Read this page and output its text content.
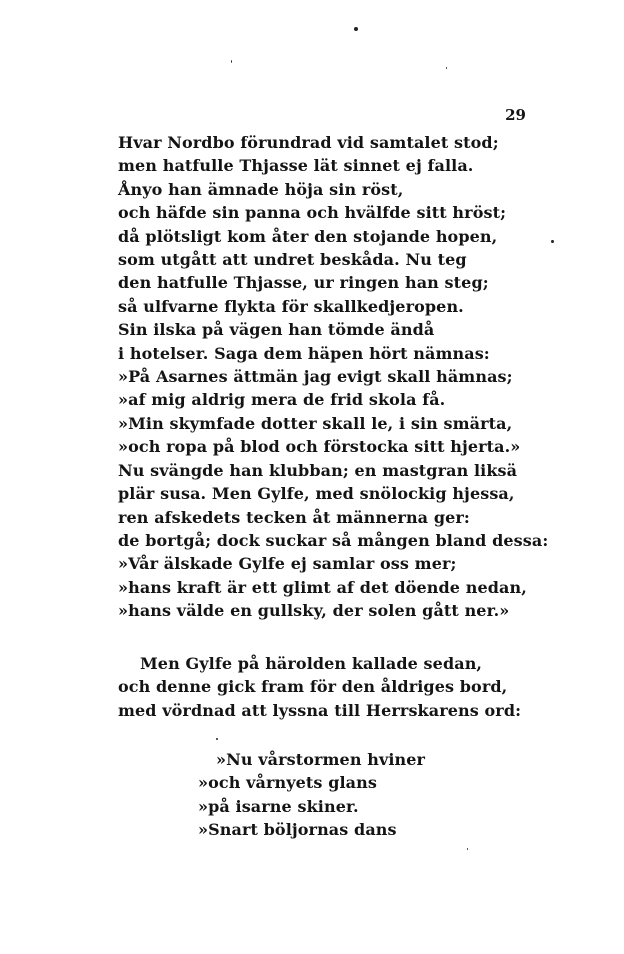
29
Hvar Nordbo förundrad vid samtalet stod;
men hatfulle Thjasse lät sinnet ej falla.
Ånyo han ämnade höja sin röst,
och häfde sin panna och hvälfde sitt hröst;
då plötsligt kom åter den stojande hopen,
som utgått att undret beskåda. Nu teg
den hatfulle Thjasse, ur ringen han steg;
så ulfvarne flykta för skallkedjeropen.
Sin ilska på vägen han tömde ändå
i hotelser. Saga dem häpen hört nämnas:
»På Asarnes ättmän jag evigt skall hämnas;
»af mig aldrig mera de frid skola få.
»Min skymfade dotter skall le, i sin smärta,
»och ropa på blod och förstocka sitt hjerta.»
Nu svängde han klubban; en mastgran liksä
plär susa. Men Gylfe, med snölockig hjessa,
ren afskedets tecken åt männerna ger:
de bortgå; dock suckar så mången bland dessa:
»Vår älskade Gylfe ej samlar oss mer;
»hans kraft är ett glimt af det döende nedan,
»hans välde en gullsky, der solen gått ner.»
Men Gylfe på härolden kallade sedan,
och denne gick fram för den åldriges bord,
med vördnad att lyssna till Herrskarens ord:
»Nu vårstormen hviner
»och vårnyets glans
»på isarne skiner.
»Snart böljornas dans
